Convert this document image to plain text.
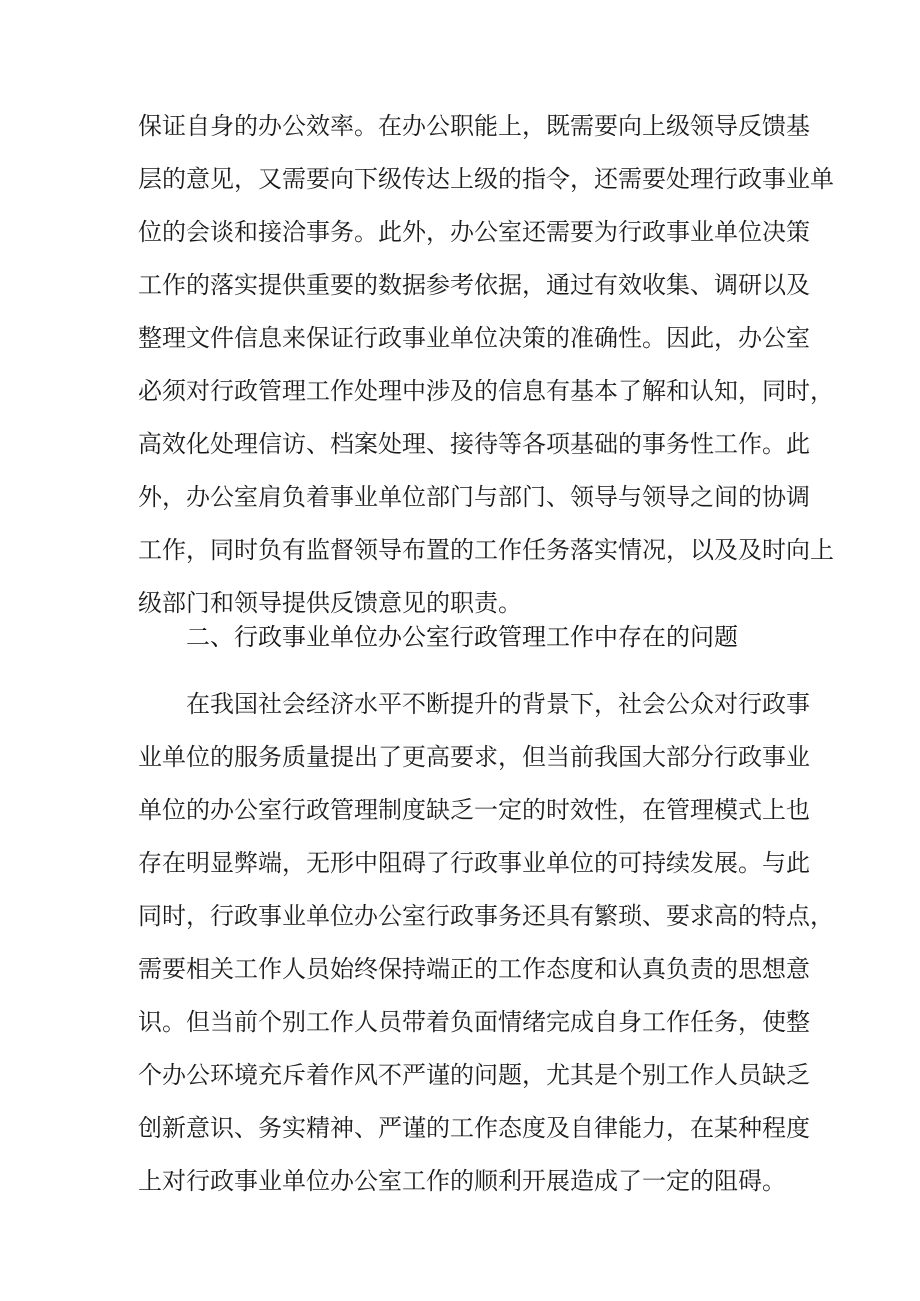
保证自身的办公效率。在办公职能上，既需要向上级领导反馈基
层的意见，又需要向下级传达上级的指令，还需要处理行政事业单
位的会谈和接洽事务。此外，办公室还需要为行政事业单位决策
工作的落实提供重要的数据参考依据，通过有效收集、调研以及
整理文件信息来保证行政事业单位决策的准确性。因此，办公室
必须对行政管理工作处理中涉及的信息有基本了解和认知，同时，
高效化处理信访、档案处理、接待等各项基础的事务性工作。此
外，办公室肩负着事业单位部门与部门、领导与领导之间的协调
工作，同时负有监督领导布置的工作任务落实情况，以及及时向上
级部门和领导提供反馈意见的职责。
二、行政事业单位办公室行政管理工作中存在的问题
在我国社会经济水平不断提升的背景下，社会公众对行政事
业单位的服务质量提出了更高要求，但当前我国大部分行政事业
单位的办公室行政管理制度缺乏一定的时效性，在管理模式上也
存在明显弊端，无形中阻碍了行政事业单位的可持续发展。与此
同时，行政事业单位办公室行政事务还具有繁琐、要求高的特点，
需要相关工作人员始终保持端正的工作态度和认真负责的思想意
识。但当前个别工作人员带着负面情绪完成自身工作任务，使整
个办公环境充斥着作风不严谨的问题，尤其是个别工作人员缺乏
创新意识、务实精神、严谨的工作态度及自律能力，在某种程度
上对行政事业单位办公室工作的顺利开展造成了一定的阻碍。
